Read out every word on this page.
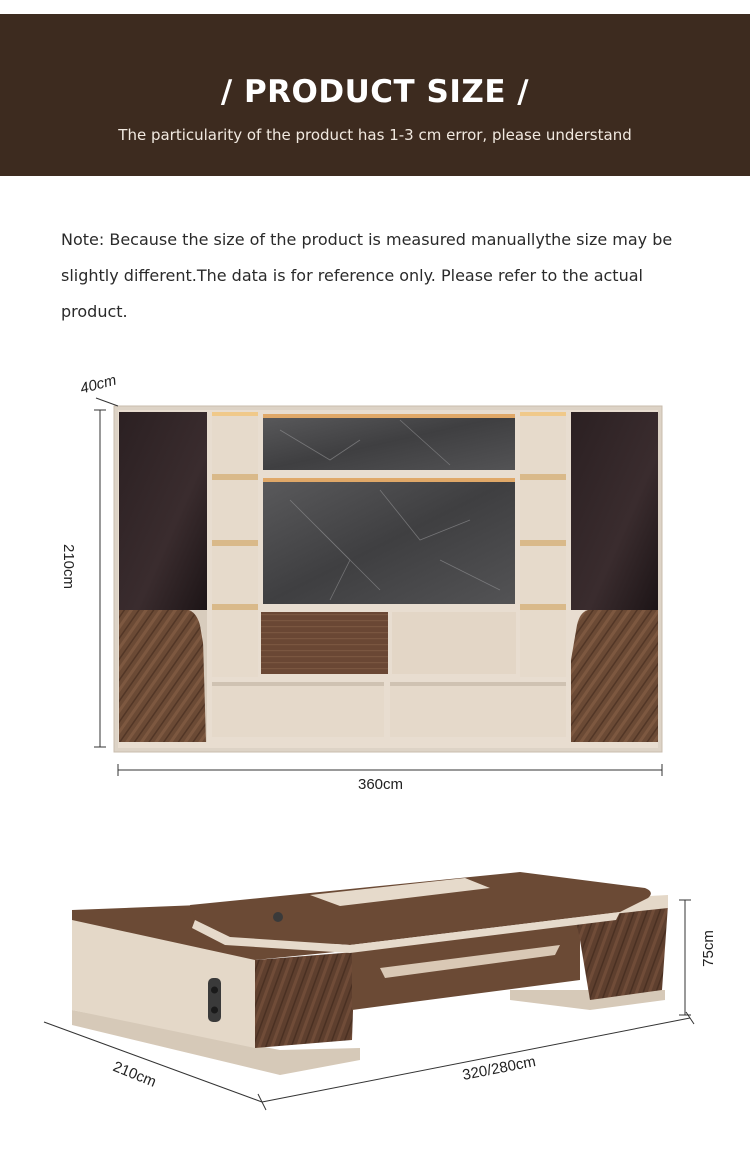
/ PRODUCT SIZE /
The particularity of the product has 1-3 cm error, please understand
Note: Because the size of the product is measured manuallythe size may be slightly different.The data is for reference only. Please refer to the actual product.
40cm
210cm
360cm
75cm
210cm	320/280cm
